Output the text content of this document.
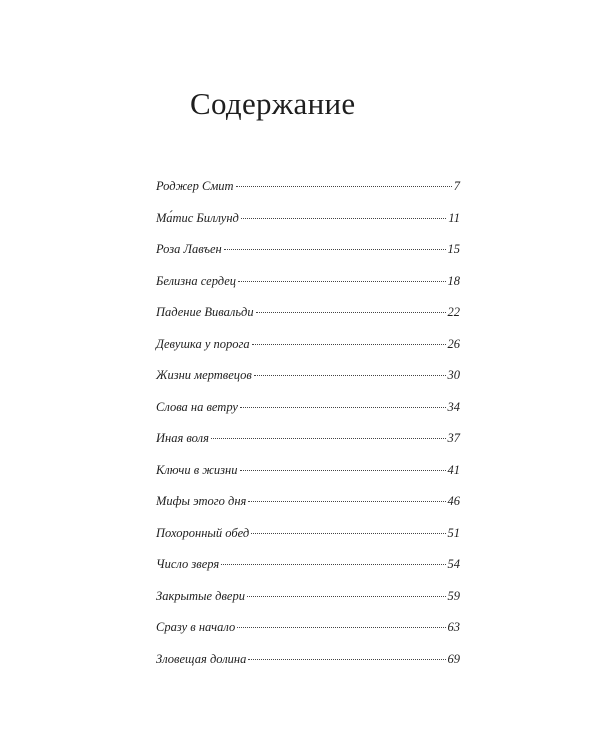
Содержание
Роджер Смит	7
Ма́тис Биллунд	11
Роза Лавъен	15
Белизна сердец	18
Падение Вивальди	22
Девушка у порога	26
Жизни мертвецов	30
Слова на ветру	34
Иная воля	37
Ключи в жизни	41
Мифы этого дня	46
Похоронный обед	51
Число зверя	54
Закрытые двери	59
Сразу в начало	63
Зловещая долина	69
